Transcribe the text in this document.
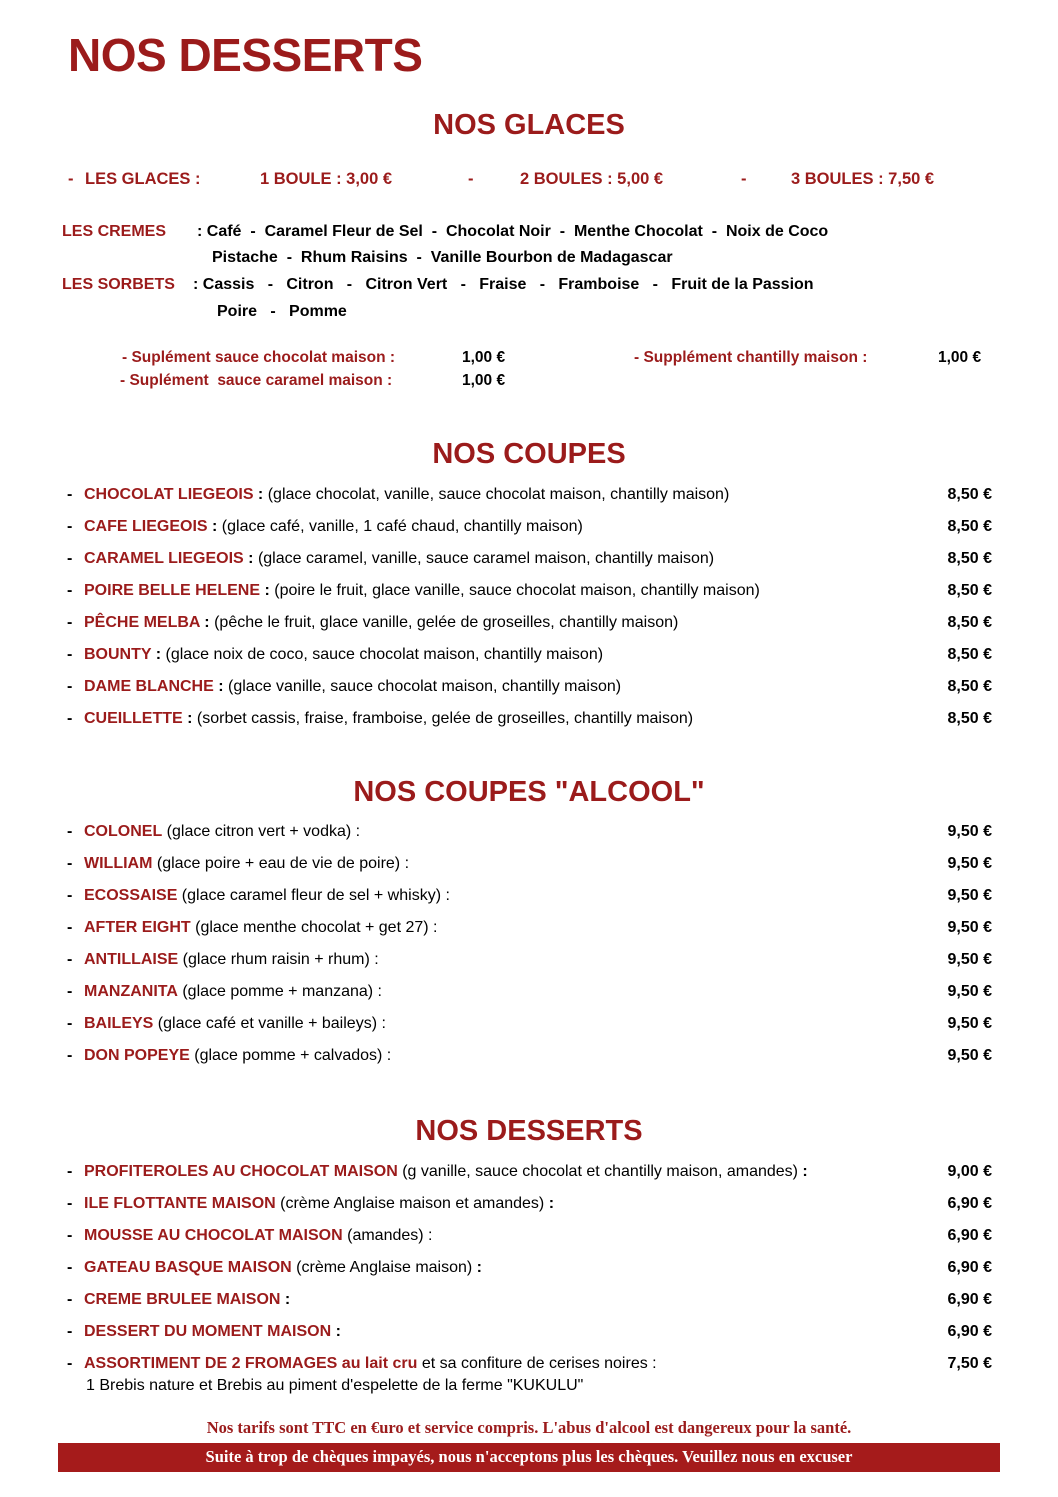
NOS DESSERTS
NOS GLACES
- LES GLACES :	1 BOULE : 3,00 €	-	2 BOULES : 5,00 €	-	3 BOULES : 7,50 €
LES CREMES : Café  -  Caramel Fleur de Sel  -  Chocolat Noir  -  Menthe Chocolat  -  Noix de Coco
Pistache  -  Rhum Raisins  -  Vanille Bourbon de Madagascar
LES SORBETS : Cassis   -   Citron   -   Citron Vert   -   Fraise   -   Framboise   -   Fruit de la Passion
Poire   -   Pomme
- Suplément sauce chocolat maison :	1,00 €
- Suplément  sauce caramel maison :	1,00 €
- Supplément chantilly maison :	1,00 €
NOS COUPES
- CHOCOLAT LIEGEOIS : (glace chocolat, vanille, sauce chocolat maison, chantilly maison)	8,50 €
- CAFE LIEGEOIS : (glace café, vanille, 1 café chaud, chantilly maison)	8,50 €
- CARAMEL LIEGEOIS : (glace caramel, vanille, sauce caramel maison, chantilly maison)	8,50 €
- POIRE BELLE HELENE : (poire le fruit, glace vanille, sauce chocolat maison, chantilly maison)	8,50 €
- PÊCHE MELBA : (pêche le fruit, glace vanille, gelée de groseilles, chantilly maison)	8,50 €
- BOUNTY : (glace noix de coco, sauce chocolat maison, chantilly maison)	8,50 €
- DAME BLANCHE : (glace vanille, sauce chocolat maison, chantilly maison)	8,50 €
- CUEILLETTE : (sorbet cassis, fraise, framboise, gelée de groseilles, chantilly maison)	8,50 €
NOS COUPES "ALCOOL"
- COLONEL (glace citron vert + vodka) :	9,50 €
- WILLIAM (glace poire + eau de vie de poire) :	9,50 €
- ECOSSAISE (glace caramel fleur de sel + whisky) :	9,50 €
- AFTER EIGHT (glace menthe chocolat + get 27) :	9,50 €
- ANTILLAISE (glace rhum raisin + rhum) :	9,50 €
- MANZANITA (glace pomme + manzana) :	9,50 €
- BAILEYS (glace café et vanille + baileys) :	9,50 €
- DON POPEYE (glace pomme + calvados) :	9,50 €
NOS DESSERTS
- PROFITEROLES AU CHOCOLAT MAISON (g vanille, sauce chocolat et chantilly maison, amandes) :	9,00 €
- ILE FLOTTANTE MAISON (crème Anglaise maison et amandes) :	6,90 €
- MOUSSE AU CHOCOLAT MAISON (amandes) :	6,90 €
- GATEAU BASQUE MAISON (crème Anglaise maison) :	6,90 €
- CREME BRULEE MAISON :	6,90 €
- DESSERT DU MOMENT MAISON :	6,90 €
- ASSORTIMENT DE 2 FROMAGES au lait cru et sa confiture de cerises noires :	7,50 €
1 Brebis nature et Brebis au piment d'espelette de la ferme "KUKULU"
Nos tarifs sont TTC en €uro et service compris. L'abus d'alcool est dangereux pour la santé.
Suite à trop de chèques impayés, nous n'acceptons plus les chèques. Veuillez nous en excuser
